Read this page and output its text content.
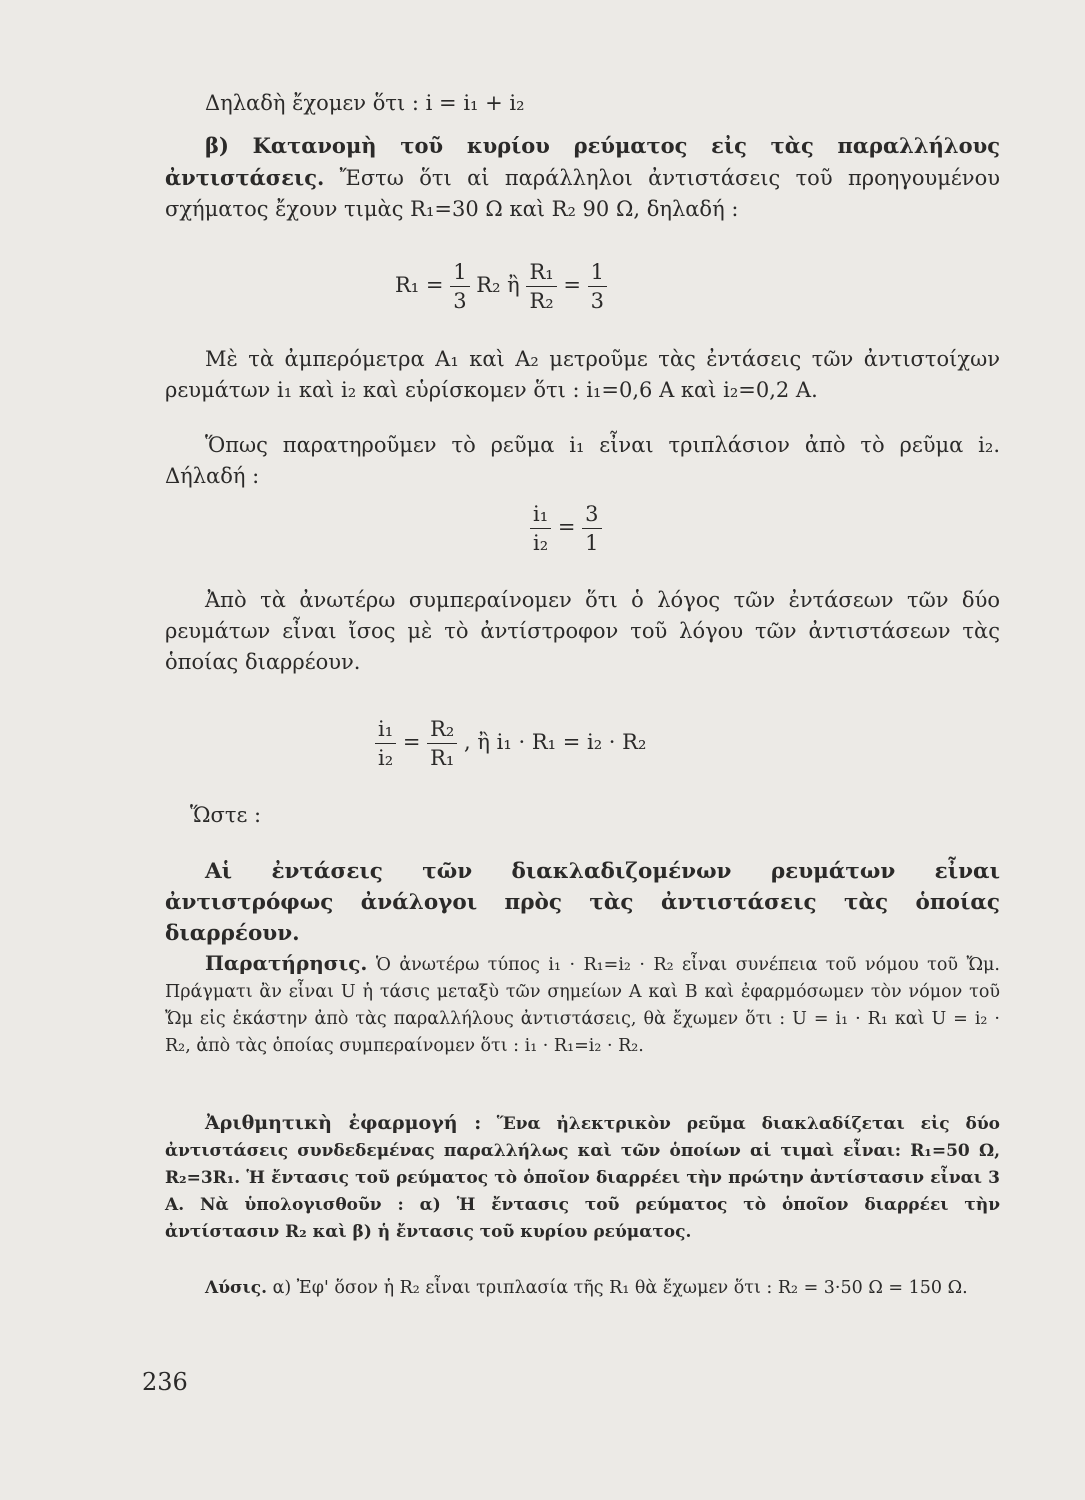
Δηλαδὴ ἔχομεν ὅτι : i = i₁ + i₂

β) Κατανομὴ τοῦ κυρίου ρεύματος εἰς τὰς παραλλήλους ἀντιστάσεις. Ἔστω ὅτι αἱ παράλληλοι ἀντιστάσεις τοῦ προηγουμένου σχήματος ἔχουν τιμὰς R₁=30 Ω καὶ R₂ 90 Ω, δηλαδή :

$R_1 = \frac{1}{3} R_2$ ἢ $\frac{\text{R₁}}{\text{R₂}} = \frac{1}{3}$

Μὲ τὰ ἀμπερόμετρα A₁ καὶ A₂ μετροῦμε τὰς ἐντάσεις τῶν ἀντιστοίχων ρευμάτων i₁ καὶ i₂ καὶ εὑρίσκομεν ὅτι : i₁=0,6 A καὶ i₂=0,2 A.

Ὅπως παρατηροῦμεν τὸ ρεῦμα i₁ εἶναι τριπλάσιον ἀπὸ τὸ ρεῦμα i₂. Δήλαδή :

$\frac{\text{i₁}}{\text{i₂}} = \frac{3}{1}$

Ἀπὸ τὰ ἀνωτέρω συμπεραίνομεν ὅτι ὁ λόγος τῶν ἐντάσεων τῶν δύο ρευμάτων εἶναι ἴσος μὲ τὸ ἀντίστροφον τοῦ λόγου τῶν ἀντιστάσεων τὰς ὁποίας διαρρέουν.

$\frac{\text{i₁}}{\text{i₂}} = \frac{\text{R₂}}{\text{R₁}}$ , ἢ i₁ · R₁ = i₂ · R₂

Ὥστε :

Αἱ ἐντάσεις τῶν διακλαδιζομένων ρευμάτων εἶναι ἀντιστρόφως ἀνάλογοι πρὸς τὰς ἀντιστάσεις τὰς ὁποίας διαρρέουν.

Παρατήρησις. Ὁ ἀνωτέρω τύπος i₁ · R₁=i₂ · R₂ εἶναι συνέπεια τοῦ νόμου τοῦ Ὤμ. Πράγματι ἂν εἶναι U ἡ τάσις μεταξὺ τῶν σημείων A καὶ B καὶ ἐφαρμόσωμεν τὸν νόμον τοῦ Ὤμ εἰς ἑκάστην ἀπὸ τὰς παραλλήλους ἀντιστάσεις, θὰ ἔχωμεν ὅτι : U = i₁ · R₁ καὶ U = i₂ · R₂, ἀπὸ τὰς ὁποίας συμπεραίνομεν ὅτι : i₁ · R₁=i₂ · R₂.

Ἀριθμητικὴ ἐφαρμογή : Ἕνα ἠλεκτρικὸν ρεῦμα διακλαδίζεται εἰς δύο ἀντιστάσεις συνδεδεμένας παραλλήλως καὶ τῶν ὁποίων αἱ τιμαὶ εἶναι: R₁=50 Ω, R₂=3R₁. Ἡ ἔντασις τοῦ ρεύματος τὸ ὁποῖον διαρρέει τὴν πρώτην ἀντίστασιν εἶναι 3 A. Νὰ ὑπολογισθοῦν : α) Ἡ ἔντασις τοῦ ρεύματος τὸ ὁποῖον διαρρέει τὴν ἀντίστασιν R₂ καὶ β) ἡ ἔντασις τοῦ κυρίου ρεύματος.

Λύσις. α) Ἐφ' ὅσον ἡ R₂ εἶναι τριπλασία τῆς R₁ θὰ ἔχωμεν ὅτι : R₂ = 3·50 Ω = 150 Ω.

236
